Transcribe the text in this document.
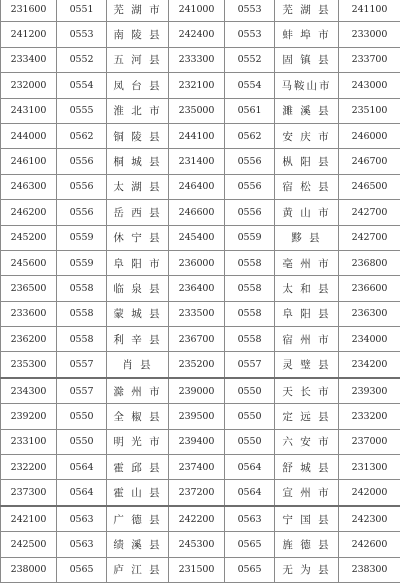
231600	0551	芜 湖 市	241000	0553	芜 湖 县	241100
241200	0553	南 陵 县	242400	0553	蚌 埠 市	233000
233400	0552	五 河 县	233300	0552	固 镇 县	233700
232000	0554	凤 台 县	232100	0554	马鞍山市	243000
243100	0555	淮 北 市	235000	0561	濉 溪 县	235100
244000	0562	铜 陵 县	244100	0562	安 庆 市	246000
246100	0556	桐 城 县	231400	0556	枞 阳 县	246700
246300	0556	太 湖 县	246400	0556	宿 松 县	246500
246200	0556	岳 西 县	246600	0556	黄 山 市	242700
245200	0559	休 宁 县	245400	0559	黟 县	242700
245600	0559	阜 阳 市	236000	0558	亳 州 市	236800
236500	0558	临 泉 县	236400	0558	太 和 县	236600
233600	0558	蒙 城 县	233500	0558	阜 阳 县	236300
236200	0558	利 辛 县	236700	0558	宿 州 市	234000
235300	0557	肖 县	235200	0557	灵 璧 县	234200
234300	0557	滁 州 市	239000	0550	天 长 市	239300
239200	0550	全 椒 县	239500	0550	定 远 县	233200
233100	0550	明 光 市	239400	0550	六 安 市	237000
232200	0564	霍 邱 县	237400	0564	舒 城 县	231300
237300	0564	霍 山 县	237200	0564	宣 州 市	242000
242100	0563	广 德 县	242200	0563	宁 国 县	242300
242500	0563	绩 溪 县	245300	0565	旌 德 县	242600
238000	0565	庐 江 县	231500	0565	无 为 县	238300
